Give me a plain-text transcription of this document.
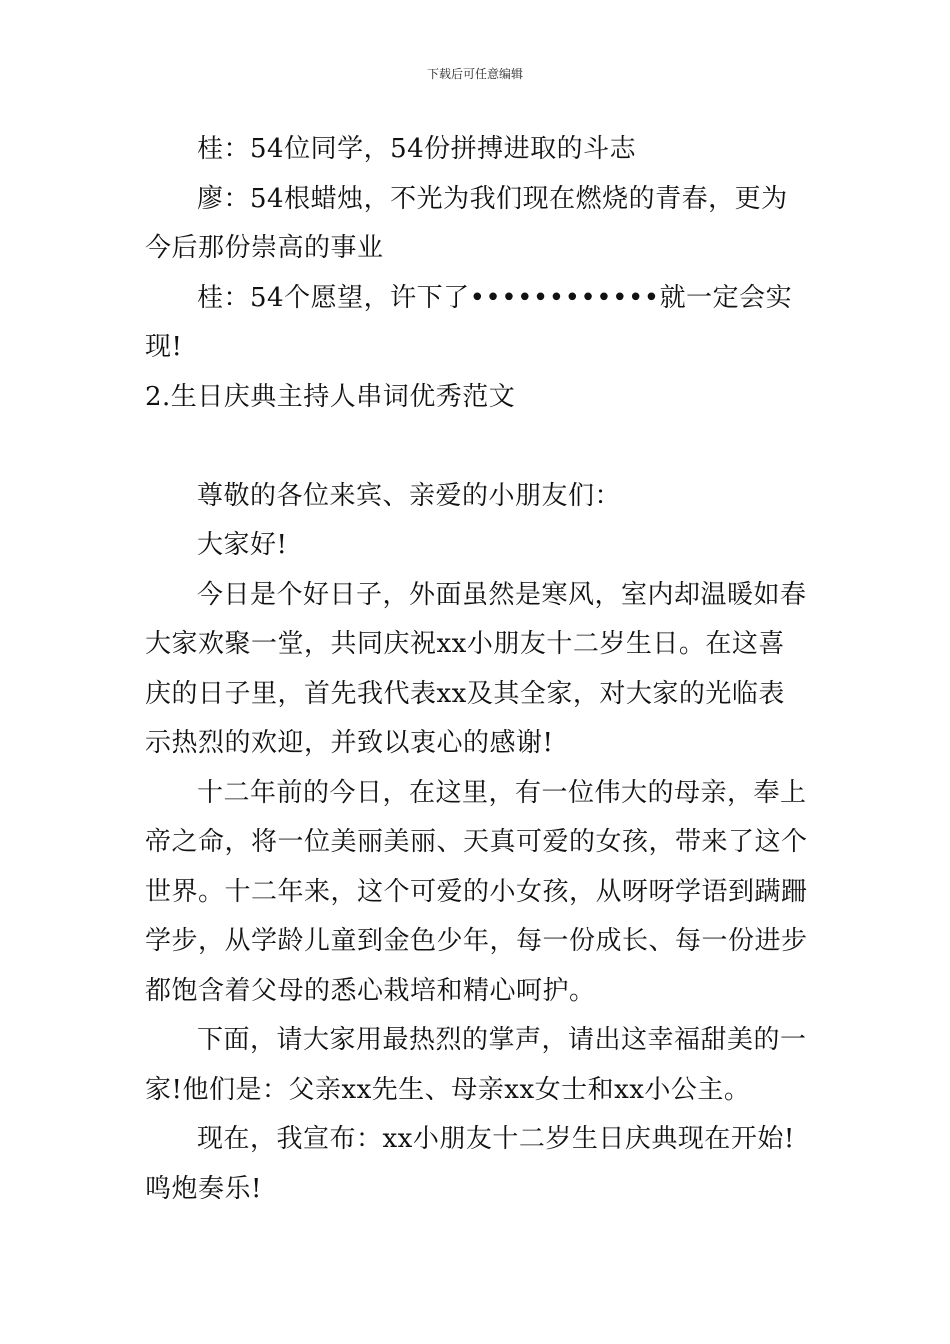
下载后可任意编辑

桂：54位同学，54份拼搏进取的斗志

廖：54根蜡烛，不光为我们现在燃烧的青春，更为今后那份崇高的事业

桂：54个愿望，许下了••••••••••••就一定会实现!

2.生日庆典主持人串词优秀范文

尊敬的各位来宾、亲爱的小朋友们：

大家好!

今日是个好日子，外面虽然是寒风，室内却温暖如春大家欢聚一堂，共同庆祝xx小朋友十二岁生日。在这喜庆的日子里，首先我代表xx及其全家，对大家的光临表示热烈的欢迎，并致以衷心的感谢!

十二年前的今日，在这里，有一位伟大的母亲，奉上帝之命，将一位美丽美丽、天真可爱的女孩，带来了这个世界。十二年来，这个可爱的小女孩，从呀呀学语到蹒跚学步，从学龄儿童到金色少年，每一份成长、每一份进步都饱含着父母的悉心栽培和精心呵护。

下面，请大家用最热烈的掌声，请出这幸福甜美的一家!他们是：父亲xx先生、母亲xx女士和xx小公主。

现在，我宣布：xx小朋友十二岁生日庆典现在开始!鸣炮奏乐!
